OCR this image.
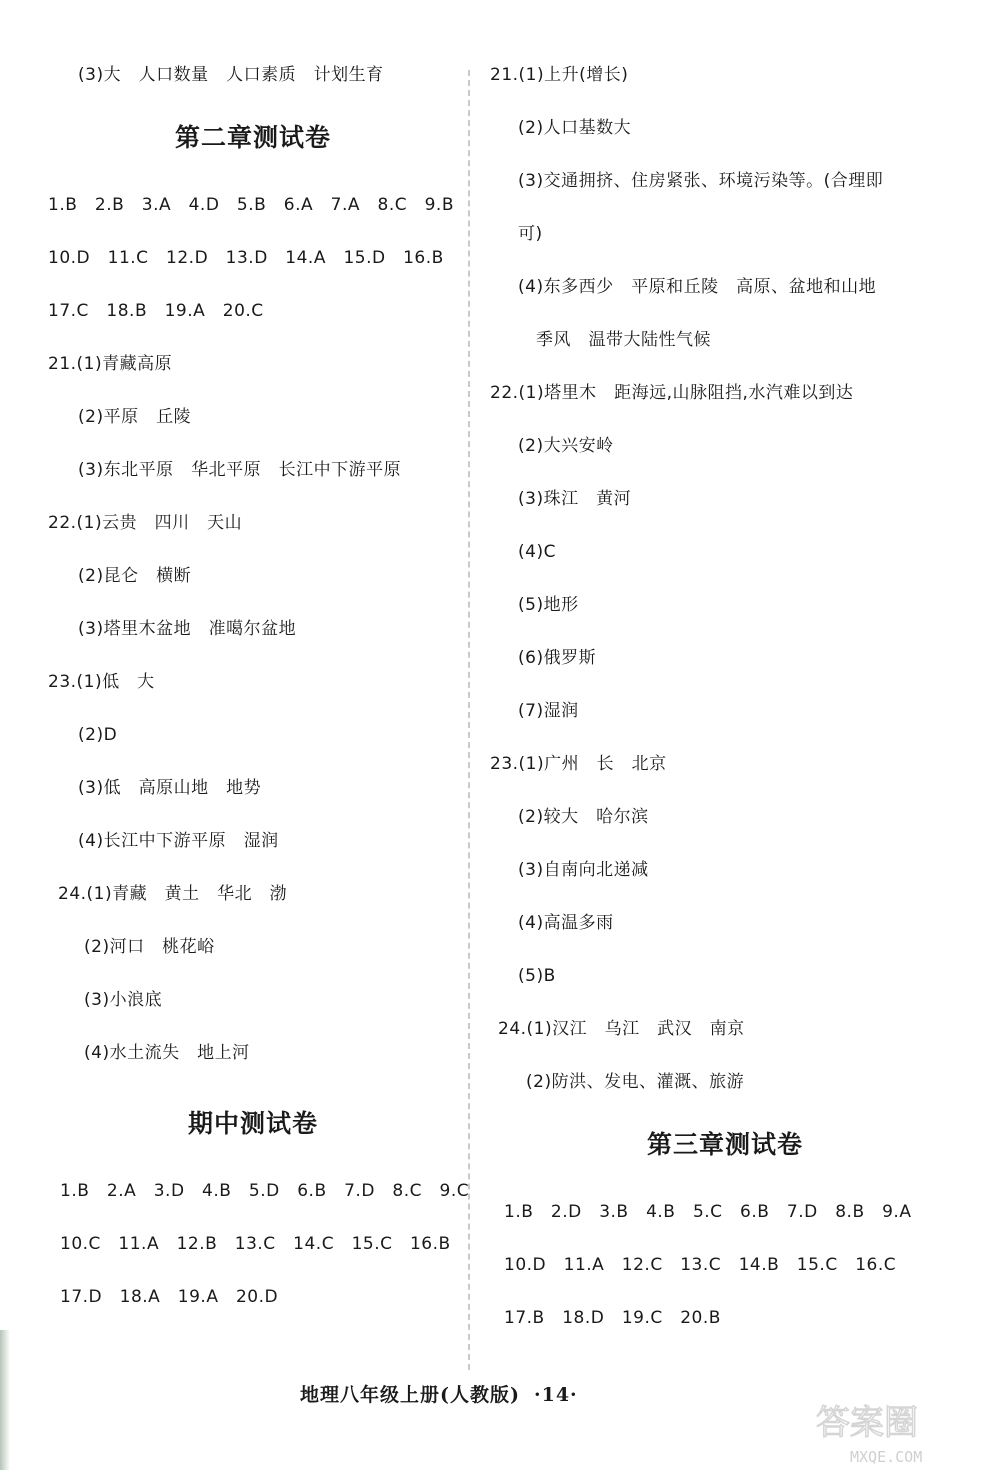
(3)大　人口数量　人口素质　计划生育
第二章测试卷
1.B　2.B　3.A　4.D　5.B　6.A　7.A　8.C　9.B
10.D　11.C　12.D　13.D　14.A　15.D　16.B
17.C　18.B　19.A　20.C
21.(1)青藏高原
(2)平原　丘陵
(3)东北平原　华北平原　长江中下游平原
22.(1)云贵　四川　天山
(2)昆仑　横断
(3)塔里木盆地　准噶尔盆地
23.(1)低　大
(2)D
(3)低　高原山地　地势
(4)长江中下游平原　湿润
24.(1)青藏　黄土　华北　渤
(2)河口　桃花峪
(3)小浪底
(4)水土流失　地上河
期中测试卷
1.B　2.A　3.D　4.B　5.D　6.B　7.D　8.C　9.C
10.C　11.A　12.B　13.C　14.C　15.C　16.B
17.D　18.A　19.A　20.D
21.(1)上升(增长)
(2)人口基数大
(3)交通拥挤、住房紧张、环境污染等。(合理即
可)
(4)东多西少　平原和丘陵　高原、盆地和山地
季风　温带大陆性气候
22.(1)塔里木　距海远,山脉阻挡,水汽难以到达
(2)大兴安岭
(3)珠江　黄河
(4)C
(5)地形
(6)俄罗斯
(7)湿润
23.(1)广州　长　北京
(2)较大　哈尔滨
(3)自南向北递减
(4)高温多雨
(5)B
24.(1)汉江　乌江　武汉　南京
(2)防洪、发电、灌溉、旅游
第三章测试卷
1.B　2.D　3.B　4.B　5.C　6.B　7.D　8.B　9.A
10.D　11.A　12.C　13.C　14.B　15.C　16.C
17.B　18.D　19.C　20.B
地理八年级上册(人教版) ·14·
答案圈
MXQE.COM
